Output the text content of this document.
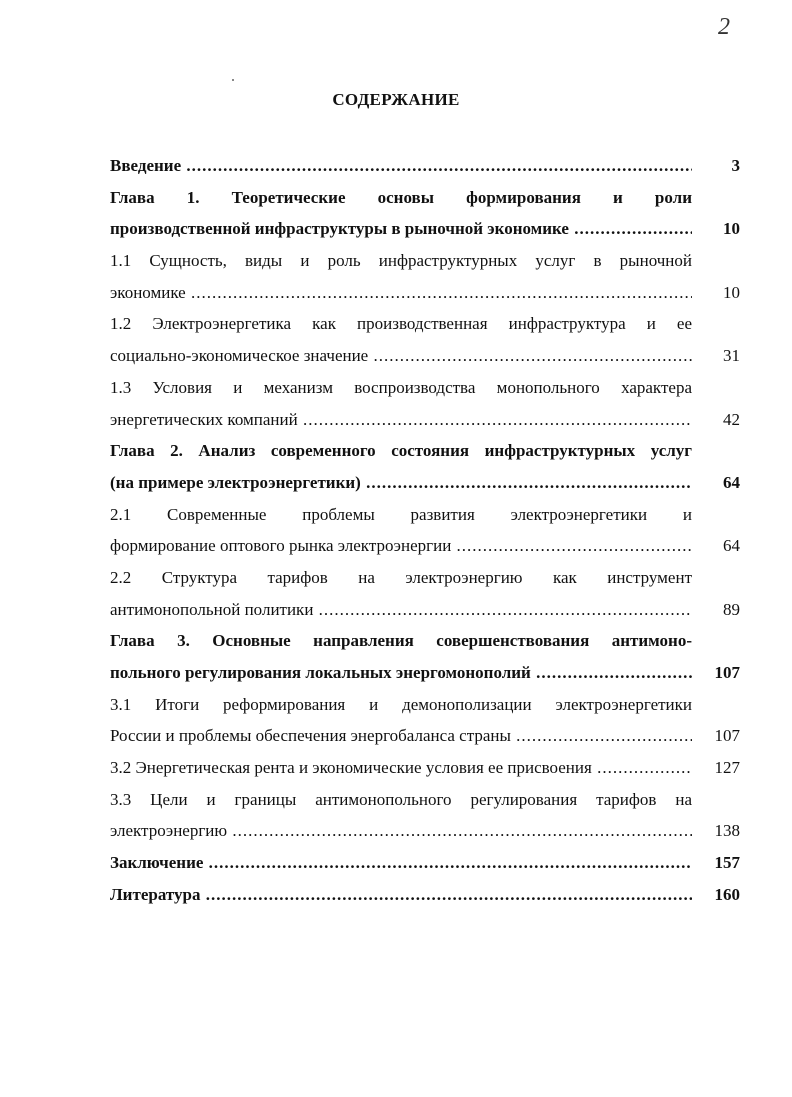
2
СОДЕРЖАНИЕ
Введение .....	3
Глава 1. Теоретические основы формирования и роли
производственной инфраструктуры в рыночной экономике .....	10
1.1 Сущность, виды и роль инфраструктурных услуг в рыночной
экономике .....	10
1.2 Электроэнергетика как производственная инфраструктура и ее
социально-экономическое значение .....	31
1.3 Условия и механизм воспроизводства монопольного характера
энергетических компаний .....	42
Глава 2. Анализ современного состояния инфраструктурных услуг
(на примере электроэнергетики) .....	64
2.1 Современные проблемы развития электроэнергетики и
формирование оптового рынка электроэнергии .....	64
2.2 Структура тарифов на электроэнергию как инструмент
антимонопольной политики .....	89
Глава 3. Основные направления совершенствования антимоно-
польного регулирования локальных энергомонополий .....	107
3.1 Итоги реформирования и демонополизации электроэнергетики
России и проблемы обеспечения энергобаланса страны .....	107
3.2 Энергетическая рента и экономические условия ее присвоения .....	127
3.3 Цели и границы антимонопольного регулирования тарифов на
электроэнергию .....	138
Заключение .....	157
Литература .....	160
